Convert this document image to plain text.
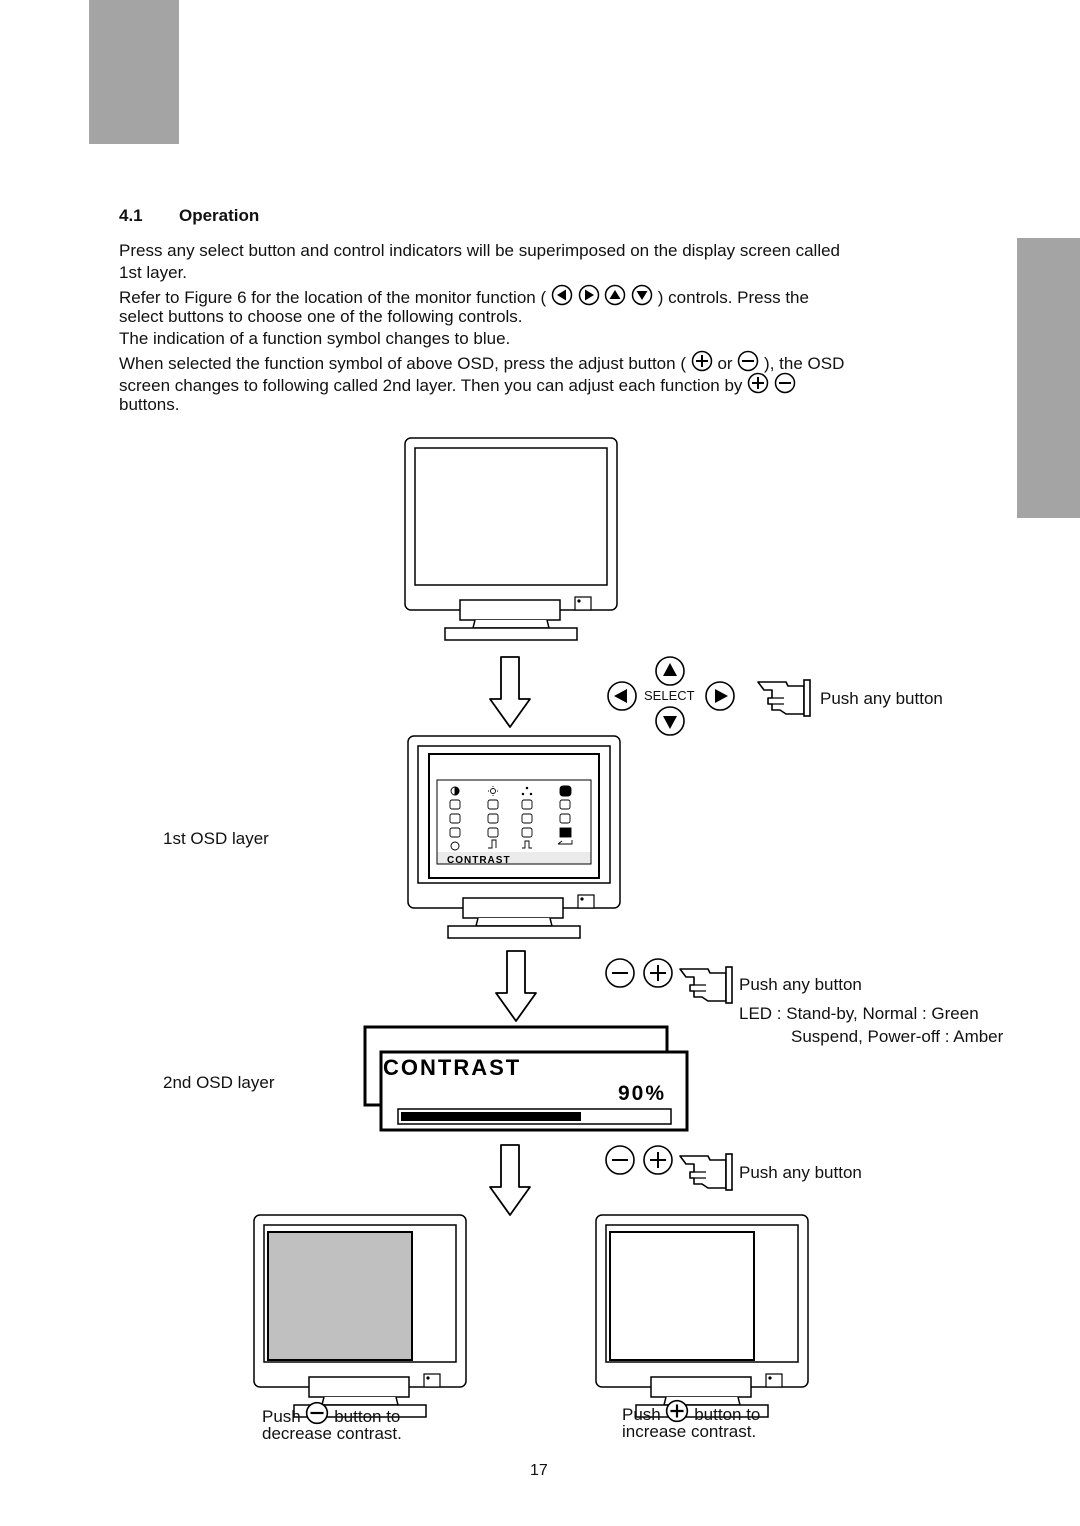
4.1 Operation
Press any select button and control indicators will be superimposed on the display screen called
1st layer.
Refer to Figure 6 for the location of the monitor function (	) controls. Press the
select buttons to choose one of the following controls.
The indication of a function symbol changes to blue.
When selected the function symbol of above OSD, press the adjust button ( or ), the OSD
screen changes to following called 2nd layer. Then you can adjust each function by
buttons.
CONTRAST
CONTRAST
90%
SELECT	Push any button
1st OSD layer
Push any button
LED : Stand-by, Normal : Green
Suspend, Power-off : Amber
2nd OSD layer
Push any button
Push button to
decrease contrast.
Push button to
increase contrast.
17
